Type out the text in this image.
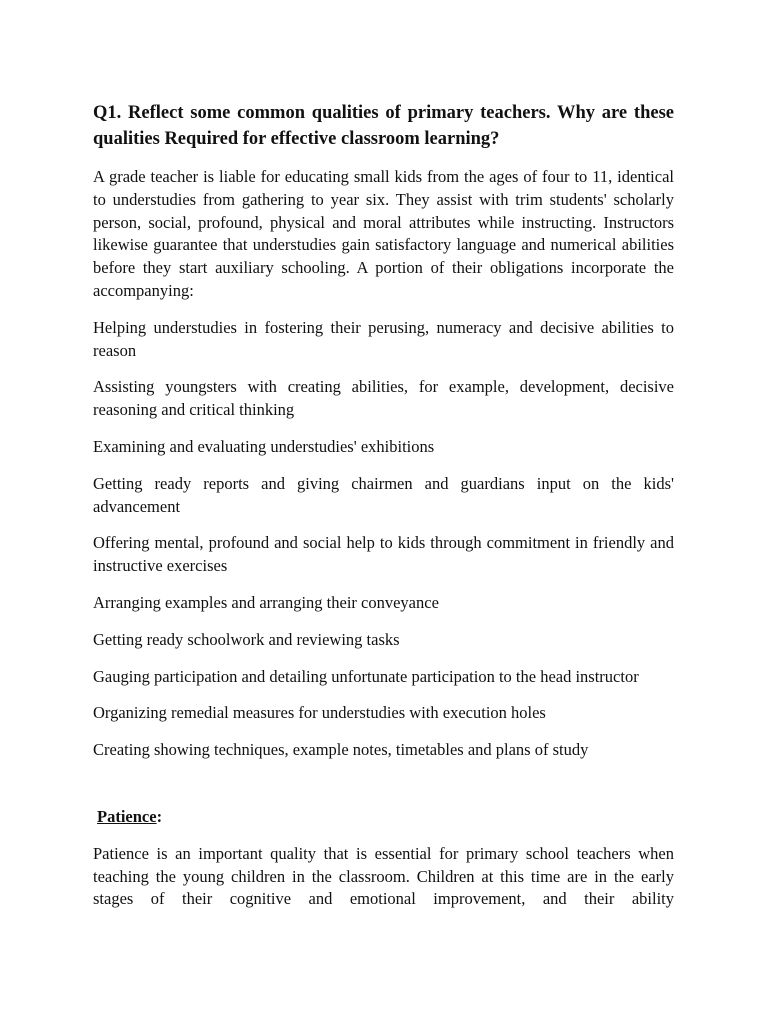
Q1. Reflect some common qualities of primary teachers. Why are these qualities Required for effective classroom learning?

A grade teacher is liable for educating small kids from the ages of four to 11, identical to understudies from gathering to year six. They assist with trim students' scholarly person, social, profound, physical and moral attributes while instructing. Instructors likewise guarantee that understudies gain satisfactory language and numerical abilities before they start auxiliary schooling. A portion of their obligations incorporate the accompanying:

Helping understudies in fostering their perusing, numeracy and decisive abilities to reason

Assisting youngsters with creating abilities, for example, development, decisive reasoning and critical thinking

Examining and evaluating understudies' exhibitions

Getting ready reports and giving chairmen and guardians input on the kids' advancement

Offering mental, profound and social help to kids through commitment in friendly and instructive exercises

Arranging examples and arranging their conveyance

Getting ready schoolwork and reviewing tasks

Gauging participation and detailing unfortunate participation to the head instructor

Organizing remedial measures for understudies with execution holes

Creating showing techniques, example notes, timetables and plans of study

Patience:

Patience is an important quality that is essential for primary school teachers when teaching the young children in the classroom. Children at this time are in the early stages of their cognitive and emotional improvement, and their ability
